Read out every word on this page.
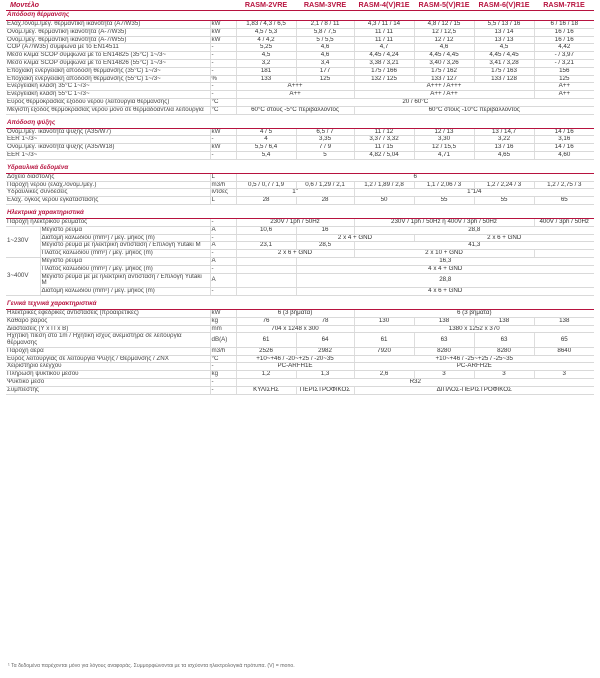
Μοντέλο			RASM-2VRE	RASM-3VRE	RASM-4(V)R1E	RASM-5(V)R1E	RASM-6(V)R1E	RASM-7R1E
Απόδοση θέρμανσης								
Ελάχ./ονομ./μέγ. θερμαντική ικανότητα (A7/W35)		kW	1,83 / 4,3 / 6,5	2,1 / 8 / 11	4,3 / 11 / 14	4,8 / 12 / 15	5,5 / 13 / 16	6 / 16 / 18
Ονομ./μέγ. θερμαντική ικανότητα (A-7/W35)		kW	4,5 / 5,3	5,8 / 7,5	11 / 11	12 / 12,5	13 / 14	16 / 16
Ονομ./μέγ. θερμαντική ικανότητα (A-7/W55)		kW	4 / 4,2	5 / 5,5	11 / 11	12 / 12	13 / 13	16 / 16
COP (A7/W35) σύμφωνα με το EN14511		-	5,25	4,6	4,7	4,6	4,5	4,42
Μέσο κλίμα SCOP σύμφωνα με το EN14825 (35°C) 1~/3~		-	4,5	4,6	4,45 / 4,24	4,45 / 4,45	4,45 / 4,45	- / 3,97
Μέσο κλίμα SCOP σύμφωνα με το EN14826 (55°C) 1~/3~		-	3,2	3,4	3,38 / 3,21	3,40 / 3,26	3,41 / 3,28	- / 3,21
Εποχιακή ενεργειακή απόδοση θέρμανσης (35°C) 1~/3~		-	181	177	175 / 166	175 / 162	175 / 163	156
Εποχιακή ενεργειακή απόδοση θέρμανσης (55°C) 1~/3~		%	133	125	132 / 125	133 / 127	133 / 128	125
Ενεργειακή κλάση 35°C 1~/3~		-	A+++		A+++ / A+++			A++
Ενεργειακή κλάση 55°C 1~/3~		-	A++		A++ / A++			A++
Εύρος θερμοκρασίας εξόδου νερού (λειτουργία θέρμανσης)		°C	20 / 60°C					
Μέγιστη έξοδος θερμοκρασίας νερού μόνο σε θερμαδοαντλία λειτουργία		°C	60°C στους -5°C περιβάλλοντος		60°C στους -10°C περιβάλλοντος			

Απόδοση ψύξης								
Ονομ./μέγ. ικανότητα ψύξης (A35/W7)		kW	4 / 5	6,5 / 7	11 / 12	12 / 13	13 / 14,7	14 / 16
EER 1~/3~		-	4	3,35	3,37 / 3,32	3,30	3,22	3,16
Ονομ./μέγ. ικανότητα ψύξης (A35/W18)		kW	5,5 / 6,4	7 / 9	11 / 15	12 / 15,5	13 / 16	14 / 16
EER 1~/3~		-	5,4	5	4,82 / 5,04	4,71	4,65	4,60

Υδραυλικά δεδομένα								
Δοχείο διαστολής		L	6					
Παροχή νερού (ελάχ./ονομ./μέγ.)		m3/h	0,5 / 0,7 / 1,9	0,6 / 1,29 / 2,1	1,2 / 1,89 / 2,8	1,1 / 2,06 / 3	1,2 / 2,24 / 3	1,2 / 2,75 / 3
Υδραυλικές συνδέσεις		ίντσες	1"		1"1/4			
Ελάχ. όγκος νερού εγκατάστασης		L	28	28	50	55	55	65

Ηλεκτρικά χαρακτηριστικά								
Παροχή ηλεκτρικού ρεύματος		-	230V / 1ph / 50Hz		230V / 1ph / 50Hz ή 400V / 3ph / 50Hz			400V / 3ph / 50Hz
1~230V	Μέγιστο ρεύμα	A	10,6	16	28,8			
	Διατομή καλωδίου (mm²) / μέγ. μήκος (m)	-		2 x 4 + GND		2 x 6 + GND		
	Μέγιστο ρεύμα με ηλεκτρική αντίσταση / Επιλογή Yutaki M	A	23,1	28,5	41,3			
	Πλάτος καλωδίου (mm²) / μέγ. μήκος (m)	-	2 x 6 + GND		2 x 10 + GND			
3~400V	Μέγιστο ρεύμα	A		16,3				
	Πλάτος καλωδίου (mm²) / μέγ. μήκος (m)	-		4 x 4 + GND				
	Μέγιστο ρεύμα με με ηλεκτρική αντίσταση / Επιλογή Yutaki M	A		28,8				
	Διατομή καλωδίου (mm²) / μέγ. μήκος (m)	-		4 x 6 + GND				

Γενικά τεχνικά χαρακτηριστικά								
Ηλεκτρικές εφεδρικές αντιστάσεις (προαιρετικές)		kW	6 (3 βήματα)		6 (3 βήματα)			
Καθαρό βάρος		kg	76	78	130	138	138	138
Διαστάσεις (Υ x Π x Β)		mm	704 x 1248 x 300		1380 x 1252 x 370			
Ηχητική πίεση στο 1m / Ηχητική ισχύς ανεμιστήρα σε λειτουργία θέρμανσης		dB(A)	61	64	61	63	63	65
Παροχή αέρα		m3/h	2526	2982	7920	8280	8280	8640
Εύρος λειτουργίας σε λειτουργία Ψύξης / Θέρμανσης / ZNX		°C	+10~+46 / -20~+25 / -20~35		+10~+46 / -25~+25 / -25~35			
Χειριστήριο ελέγχου		-	PC-ARFH1E		PC-ARFH2E			
Πλήρωση ψυκτικού μέσου		kg	1,2	1,3	2,6	3	3	3
Ψυκτικό μέσο		-	R32					
Συμπιεστής		-	ΚΥΛΙΣΗΣ	ΠΕΡΙΣΤΡΟΦΙΚΟΣ	ΔΙΠΛΟΣ-ΠΕΡΙΣΤΡΟΦΙΚΟΣ			
¹ Τα δεδομένα παρέχονται μόνο για λόγους αναφοράς. Συμμορφώνονται με τα ισχύοντα ηλεκτρολογικά πρότυπα. (V) = mono.
